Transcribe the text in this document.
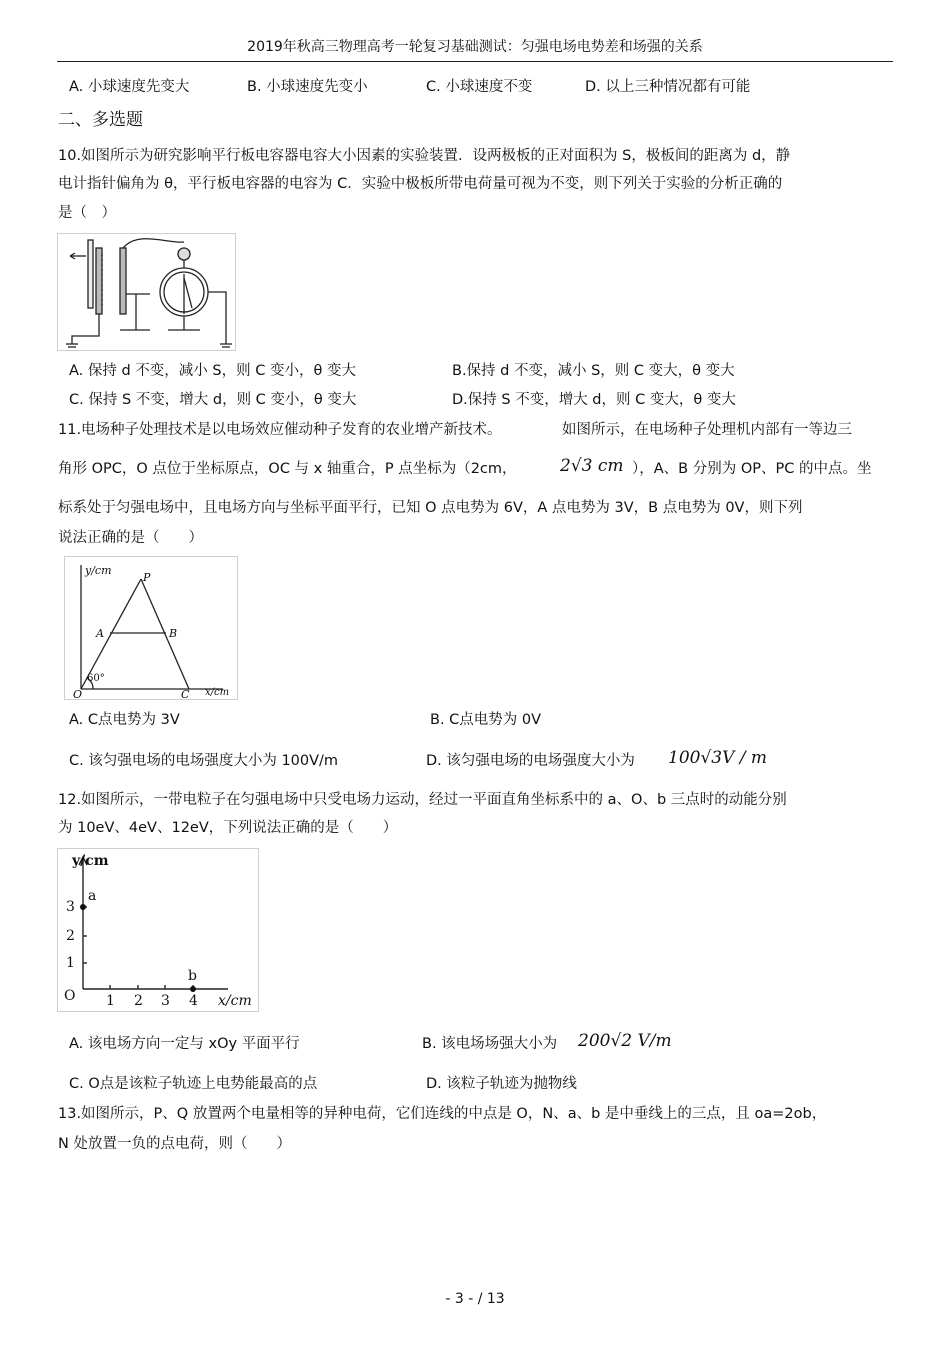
2019年秋高三物理高考一轮复习基础测试：匀强电场电势差和场强的关系
A. 小球速度先变大	B. 小球速度先变小	C. 小球速度不变	D. 以上三种情况都有可能
二、多选题
10.如图所示为研究影响平行板电容器电容大小因素的实验装置．设两极板的正对面积为 S，极板间的距离为 d，静
电计指针偏角为 θ，平行板电容器的电容为 C．实验中极板所带电荷量可视为不变，则下列关于实验的分析正确的
是（　）
A. 保持 d 不变，减小 S，则 C 变小，θ 变大	B.保持 d 不变，减小 S，则 C 变大，θ 变大
C. 保持 S 不变，增大 d，则 C 变小，θ 变大	D.保持 S 不变，增大 d，则 C 变大，θ 变大
11.电场种子处理技术是以电场效应催动种子发育的农业增产新技术。	如图所示，在电场种子处理机内部有一等边三
角形 OPC，O 点位于坐标原点，OC 与 x 轴重合，P 点坐标为（2cm，	2√3 cm ），A、B 分别为 OP、PC 的中点。坐
标系处于匀强电场中，且电场方向与坐标平面平行，已知 O 点电势为 6V，A 点电势为 3V，B 点电势为 0V，则下列
说法正确的是（　　）
y/cm
x/cm
P
A	B
O	C
60°
A. C点电势为 3V	B. C点电势为 0V
C. 该匀强电场的电场强度大小为 100V/m	D. 该匀强电场的电场强度大小为 100√3V / m
12.如图所示，一带电粒子在匀强电场中只受电场力运动，经过一平面直角坐标系中的 a、O、b 三点时的动能分别
为 10eV、4eV、12eV，下列说法正确的是（　　）
y/cm
x/cm
O
1
2
3
1 2 3 4
a
b
A. 该电场方向一定与 xOy 平面平行	B. 该电场场强大小为 200√2 V/m
C. O点是该粒子轨迹上电势能最高的点	D. 该粒子轨迹为抛物线
13.如图所示，P、Q 放置两个电量相等的异种电荷，它们连线的中点是 O，N、a、b 是中垂线上的三点，且 oa=2ob，
N 处放置一负的点电荷，则（　　）
- 3 - / 13
